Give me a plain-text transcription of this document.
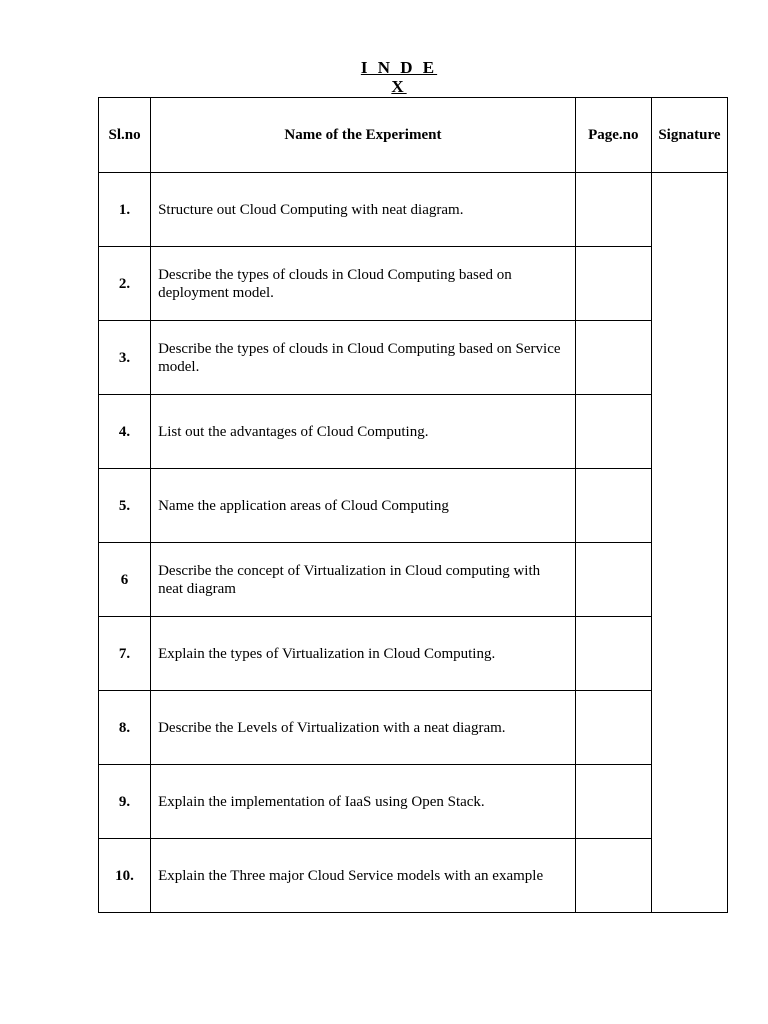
I N D E X
Sl.no	Name of the Experiment	Page.no	Signature
1.	Structure out Cloud Computing with neat diagram.		
2.	Describe the types of clouds in Cloud Computing based on deployment model.		
3.	Describe the types of clouds in Cloud Computing based on Service model.		
4.	List out the advantages of Cloud Computing.		
5.	Name the application areas of Cloud Computing		
6	Describe the concept of Virtualization in Cloud computing with neat diagram		
7.	Explain the types of Virtualization in Cloud Computing.		
8.	Describe the Levels of Virtualization with a neat diagram.		
9.	Explain the implementation of IaaS using Open Stack.		
10.	Explain the Three major Cloud Service models with an example		
